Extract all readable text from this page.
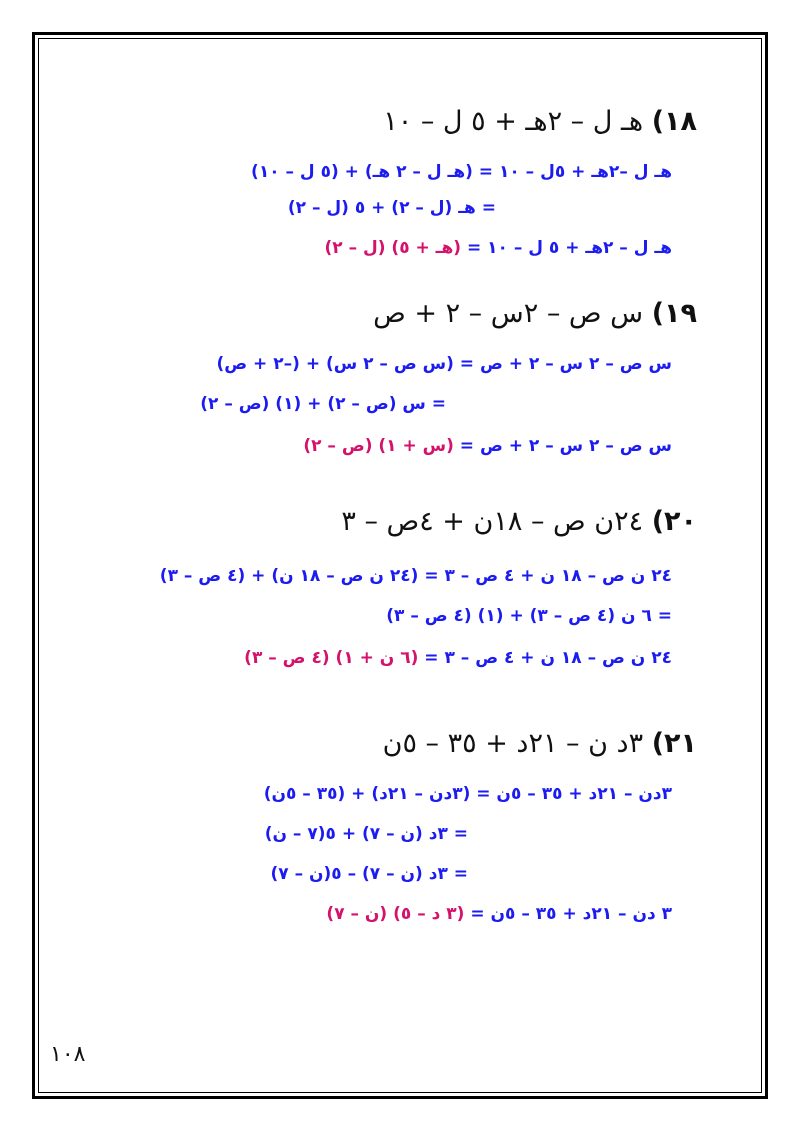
١٨) هـ ل – ٢هـ + ٥ ل – ١٠

هـ ل –٢هـ + ٥ل – ١٠ = (هـ ل – ٢ هـ) + (٥ ل – ١٠)

= هـ (ل – ٢) + ٥ (ل – ٢)

هـ ل – ٢هـ + ٥ ل – ١٠ = (هـ + ٥) (ل – ٢)

١٩) س ص – ٢س – ٢ + ص

س ص – ٢ س – ٢ + ص = (س ص – ٢ س) + (–٢ + ص)

= س (ص – ٢) + (١) (ص – ٢)

س ص – ٢ س – ٢ + ص = (س + ١) (ص – ٢)

٢٠) ٢٤ن ص – ١٨ن + ٤ص – ٣

٢٤ ن ص – ١٨ ن + ٤ ص – ٣ = (٢٤ ن ص – ١٨ ن) + (٤ ص – ٣)

= ٦ ن (٤ ص – ٣) + (١) (٤ ص – ٣)

٢٤ ن ص – ١٨ ن + ٤ ص – ٣ = (٦ ن + ١) (٤ ص – ٣)

٢١) ٣د ن – ٢١د + ٣٥ – ٥ن

٣دن – ٢١د + ٣٥ – ٥ن = (٣دن – ٢١د) + (٣٥ – ٥ن)

= ٣د (ن – ٧) + ٥(٧ – ن)

= ٣د (ن – ٧) – ٥(ن – ٧)

٣ دن – ٢١د + ٣٥ – ٥ن = (٣ د – ٥) (ن – ٧)

١٠٨
